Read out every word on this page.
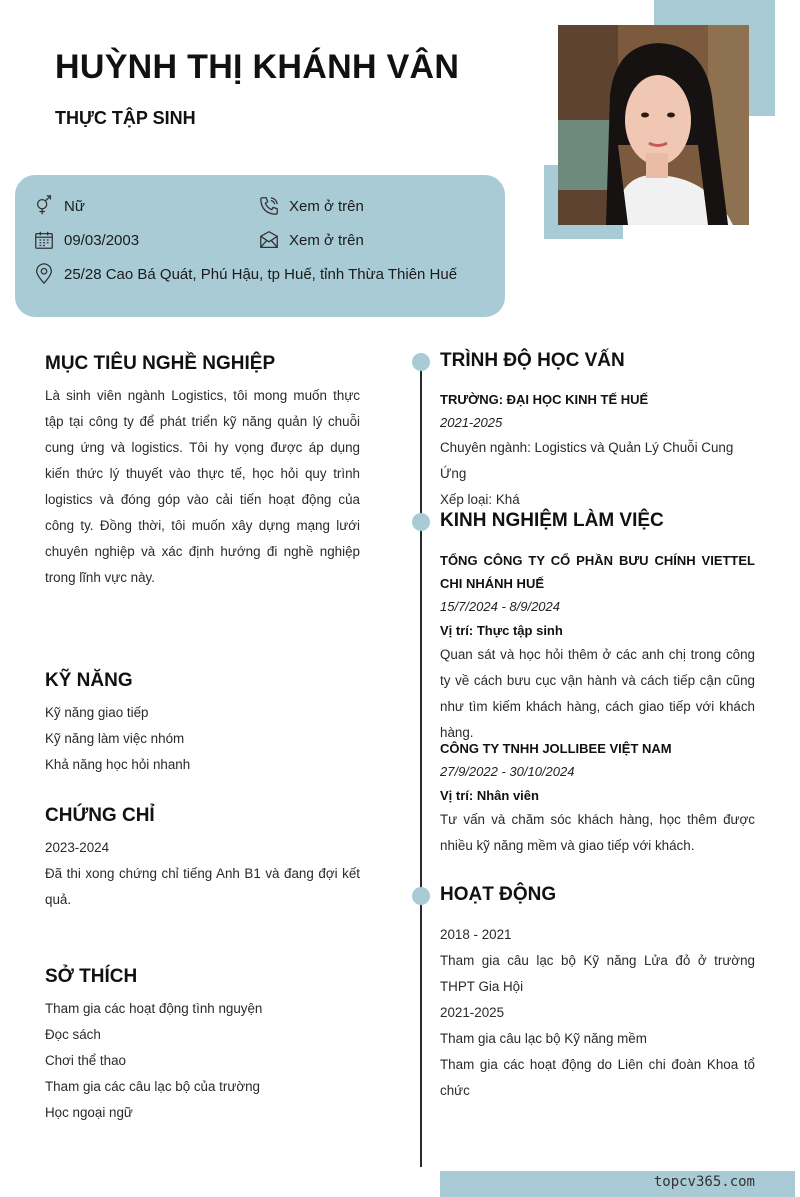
HUỲNH THỊ KHÁNH VÂN
THỰC TẬP SINH
Nữ	Xem ở trên
09/03/2003	Xem ở trên
25/28 Cao Bá Quát, Phú Hậu, tp Huế, tỉnh Thừa Thiên Huế
MỤC TIÊU NGHỀ NGHIỆP
Là sinh viên ngành Logistics, tôi mong muốn thực tập tại công ty để phát triển kỹ năng quản lý chuỗi cung ứng và logistics. Tôi hy vọng được áp dụng kiến thức lý thuyết vào thực tế, học hỏi quy trình logistics và đóng góp vào cải tiến hoạt động của công ty. Đồng thời, tôi muốn xây dựng mạng lưới chuyên nghiệp và xác định hướng đi nghề nghiệp trong lĩnh vực này.
KỸ NĂNG
Kỹ năng giao tiếp
Kỹ năng làm việc nhóm
Khả năng học hỏi nhanh
CHỨNG CHỈ
2023-2024
Đã thi xong chứng chỉ tiếng Anh B1 và đang đợi kết quả.
SỞ THÍCH
Tham gia các hoạt động tình nguyện
Đọc sách
Chơi thể thao
Tham gia các câu lạc bộ của trường
Học ngoại ngữ
TRÌNH ĐỘ HỌC VẤN
TRƯỜNG: ĐẠI HỌC KINH TẾ HUẾ
2021-2025
Chuyên ngành: Logistics và Quản Lý Chuỗi Cung Ứng
Xếp loại: Khá
KINH NGHIỆM LÀM VIỆC
TỔNG CÔNG TY CỔ PHẦN BƯU CHÍNH VIETTEL CHI NHÁNH HUẾ
15/7/2024 - 8/9/2024
Vị trí: Thực tập sinh
Quan sát và học hỏi thêm ở các anh chị trong công ty về cách bưu cục vận hành và cách tiếp cận cũng như tìm kiếm khách hàng, cách giao tiếp với khách hàng.
CÔNG TY TNHH JOLLIBEE VIỆT NAM
27/9/2022 - 30/10/2024
Vị trí: Nhân viên
Tư vấn và chăm sóc khách hàng, học thêm được nhiều kỹ năng mềm và giao tiếp với khách.
HOẠT ĐỘNG
2018 - 2021
Tham gia câu lạc bộ Kỹ năng Lửa đỏ ở trường THPT Gia Hội
2021-2025
Tham gia câu lạc bộ Kỹ năng mềm
Tham gia các hoạt động do Liên chi đoàn Khoa tổ chức
topcv365.com
